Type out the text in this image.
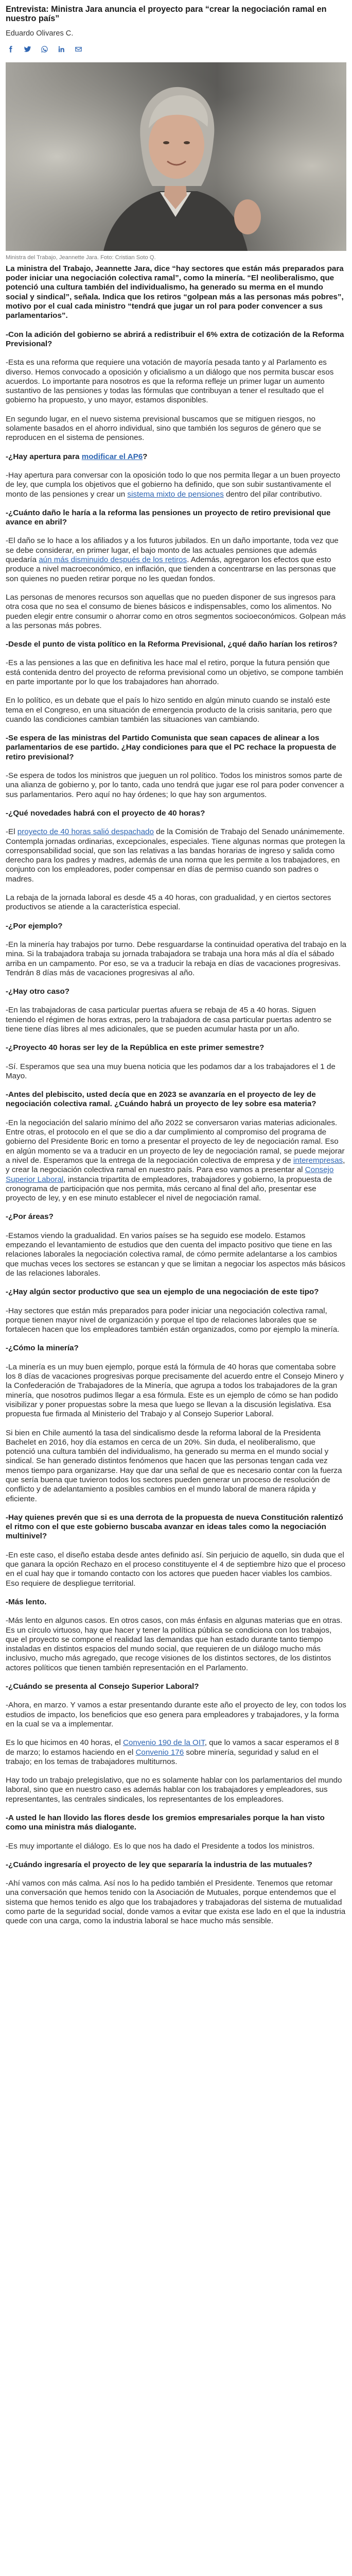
Entrevista: Ministra Jara anuncia el proyecto para “crear la negociación ramal en nuestro país”
Eduardo Olivares C.
Ministra del Trabajo, Jeannette Jara. Foto: Cristian Soto Q.

La ministra del Trabajo, Jeannette Jara, dice “hay sectores que están más preparados para poder iniciar una negociación colectiva ramal”, como la minería. “El neoliberalismo, que potenció una cultura también del individualismo, ha generado su merma en el mundo social y sindical”, señala. Indica que los retiros “golpean más a las personas más pobres”, motivo por el cual cada ministro “tendrá que jugar un rol para poder convencer a sus parlamentarios”.

-Con la adición del gobierno se abrirá a redistribuir el 6% extra de cotización de la Reforma Previsional?

-Esta es una reforma que requiere una votación de mayoría pesada tanto y al Parlamento es diverso. Hemos convocado a oposición y oficialismo a un diálogo que nos permita buscar esos acuerdos. Lo importante para nosotros es que la reforma refleje un primer lugar un aumento sustantivo de las pensiones y todas las fórmulas que contribuyan a tener el resultado que el gobierno ha propuesto, y uno mayor, estamos disponibles.

En segundo lugar, en el nuevo sistema previsional buscamos que se mitiguen riesgos, no solamente basados en el ahorro individual, sino que también los seguros de género que se reproducen en el sistema de pensiones.

-¿Hay apertura para modificar el AP6?

-Hay apertura para conversar con la oposición todo lo que nos permita llegar a un buen proyecto de ley, que cumpla los objetivos que el gobierno ha definido, que son subir sustantivamente el monto de las pensiones y crear un sistema mixto de pensiones dentro del pilar contributivo.

-¿Cuánto daño le haría a la reforma las pensiones un proyecto de retiro previsional que avance en abril?

-El daño se lo hace a los afiliados y a los futuros jubilados. En un daño importante, toda vez que se debe considerar, en primer lugar, el bajo monto de las actuales pensiones que además quedaría aún más disminuido después de los retiros. Además, agregaron los efectos que esto produce a nivel macroeconómico, en inflación, que tienden a concentrarse en las personas que son quienes no pueden retirar porque no les quedan fondos.

Las personas de menores recursos son aquellas que no pueden disponer de sus ingresos para otra cosa que no sea el consumo de bienes básicos e indispensables, como los alimentos. No pueden elegir entre consumir o ahorrar como en otros segmentos socioeconómicos. Golpean más a las personas más pobres.

-Desde el punto de vista político en la Reforma Previsional, ¿qué daño harían los retiros?

-Es a las pensiones a las que en definitiva les hace mal el retiro, porque la futura pensión que está contenida dentro del proyecto de reforma previsional como un objetivo, se compone también en parte importante por lo que los trabajadores han ahorrado.

En lo político, es un debate que el país lo hizo sentido en algún minuto cuando se instaló este tema en el Congreso, en una situación de emergencia producto de la crisis sanitaria, pero que cuando las condiciones cambian también las situaciones van cambiando.

-Se espera de las ministras del Partido Comunista que sean capaces de alinear a los parlamentarios de ese partido. ¿Hay condiciones para que el PC rechace la propuesta de retiro previsional?

-Se espera de todos los ministros que jueguen un rol político. Todos los ministros somos parte de una alianza de gobierno y, por lo tanto, cada uno tendrá que jugar ese rol para poder convencer a sus parlamentarios. Pero aquí no hay órdenes; lo que hay son argumentos.

-¿Qué novedades habrá con el proyecto de 40 horas?

-El proyecto de 40 horas salió despachado de la Comisión de Trabajo del Senado unánimemente. Contempla jornadas ordinarias, excepcionales, especiales. Tiene algunas normas que protegen la corresponsabilidad social, que son las relativas a las bandas horarias de ingreso y salida como derecho para los padres y madres, además de una norma que les permite a los trabajadores, en conjunto con los empleadores, poder compensar en días de permiso cuando son padres o madres.

La rebaja de la jornada laboral es desde 45 a 40 horas, con gradualidad, y en ciertos sectores productivos se atiende a la característica especial.

-¿Por ejemplo?

-En la minería hay trabajos por turno. Debe resguardarse la continuidad operativa del trabajo en la mina. Si la trabajadora trabaja su jornada trabajadora se trabaja una hora más al día el sábado arriba en un campamento. Por eso, se va a traducir la rebaja en días de vacaciones progresivas. Tendrán 8 días más de vacaciones progresivas al año.

-¿Hay otro caso?

-En las trabajadoras de casa particular puertas afuera se rebaja de 45 a 40 horas. Siguen teniendo el régimen de horas extras, pero la trabajadora de casa particular puertas adentro se tiene tiene días libres al mes adicionales, que se pueden acumular hasta por un año.

-¿Proyecto 40 horas ser ley de la República en este primer semestre?

-Sí. Esperamos que sea una muy buena noticia que les podamos dar a los trabajadores el 1 de Mayo.

-Antes del plebiscito, usted decía que en 2023 se avanzaría en el proyecto de ley de negociación colectiva ramal. ¿Cuándo habrá un proyecto de ley sobre esa materia?

-En la negociación del salario mínimo del año 2022 se conversaron varias materias adicionales. Entre otras, el protocolo en el que se dio a dar cumplimiento al compromiso del programa de gobierno del Presidente Boric en torno a presentar el proyecto de ley de negociación ramal. Eso en algún momento se va a traducir en un proyecto de ley de negociación ramal, se puede mejorar a nivel de. Esperamos que la entrega de la negociación colectiva de empresa y de interempresas, y crear la negociación colectiva ramal en nuestro país. Para eso vamos a presentar al Consejo Superior Laboral, instancia tripartita de empleadores, trabajadores y gobierno, la propuesta de cronograma de participación que nos permita, más cercano al final del año, presentar ese proyecto de ley, y en ese minuto establecer el nivel de negociación ramal.

-¿Por áreas?

-Estamos viendo la gradualidad. En varios países se ha seguido ese modelo. Estamos empezando el levantamiento de estudios que den cuenta del impacto positivo que tiene en las relaciones laborales la negociación colectiva ramal, de cómo permite adelantarse a los cambios que muchas veces los sectores se estancan y que se limitan a negociar los aspectos más básicos de las relaciones laborales.

-¿Hay algún sector productivo que sea un ejemplo de una negociación de este tipo?

-Hay sectores que están más preparados para poder iniciar una negociación colectiva ramal, porque tienen mayor nivel de organización y porque el tipo de relaciones laborales que se fortalecen hacen que los empleadores también están organizados, como por ejemplo la minería.

-¿Cómo la minería?

-La minería es un muy buen ejemplo, porque está la fórmula de 40 horas que comentaba sobre los 8 días de vacaciones progresivas porque precisamente del acuerdo entre el Consejo Minero y la Confederación de Trabajadores de la Minería, que agrupa a todos los trabajadores de la gran minería, que nosotros pudimos llegar a esa fórmula. Este es un ejemplo de cómo se han podido visibilizar y poner propuestas sobre la mesa que luego se llevan a la discusión legislativa. Esa propuesta fue firmada al Ministerio del Trabajo y al Consejo Superior Laboral.

Si bien en Chile aumentó la tasa del sindicalismo desde la reforma laboral de la Presidenta Bachelet en 2016, hoy día estamos en cerca de un 20%. Sin duda, el neoliberalismo, que potenció una cultura también del individualismo, ha generado su merma en el mundo social y sindical. Se han generado distintos fenómenos que hacen que las personas tengan cada vez menos tiempo para organizarse. Hay que dar una señal de que es necesario contar con la fuerza que sería buena que tuvieron todos los sectores pueden generar un proceso de resolución de conflicto y de adelantamiento a posibles cambios en el mundo laboral de manera rápida y eficiente.

-Hay quienes prevén que si es una derrota de la propuesta de nueva Constitución ralentizó el ritmo con el que este gobierno buscaba avanzar en ideas tales como la negociación multinivel?

-En este caso, el diseño estaba desde antes definido así. Sin perjuicio de aquello, sin duda que el que ganara la opción Rechazo en el proceso constituyente el 4 de septiembre hizo que el proceso en el cual hay que ir tomando contacto con los actores que pueden hacer viables los cambios. Eso requiere de despliegue territorial.

-Más lento.

-Más lento en algunos casos. En otros casos, con más énfasis en algunas materias que en otras. Es un círculo virtuoso, hay que hacer y tener la política pública se condiciona con los trabajos, que el proyecto se compone el realidad las demandas que han estado durante tanto tiempo instaladas en distintos espacios del mundo social, que requieren de un diálogo mucho más inclusivo, mucho más agregado, que recoge visiones de los distintos sectores, de los distintos actores políticos que tienen también representación en el Parlamento.

-¿Cuándo se presenta al Consejo Superior Laboral?

-Ahora, en marzo. Y vamos a estar presentando durante este año el proyecto de ley, con todos los estudios de impacto, los beneficios que eso genera para empleadores y trabajadores, y la forma en la cual se va a implementar.

Es lo que hicimos en 40 horas, el Convenio 190 de la OIT, que lo vamos a sacar esperamos el 8 de marzo; lo estamos haciendo en el Convenio 176 sobre minería, seguridad y salud en el trabajo; en los temas de trabajadores multiturnos.

Hay todo un trabajo prelegislativo, que no es solamente hablar con los parlamentarios del mundo laboral, sino que en nuestro caso es además hablar con los trabajadores y empleadores, sus representantes, las centrales sindicales, los representantes de los empleadores.

-A usted le han llovido las flores desde los gremios empresariales porque la han visto como una ministra más dialogante.

-Es muy importante el diálogo. Es lo que nos ha dado el Presidente a todos los ministros.

-¿Cuándo ingresaría el proyecto de ley que separaría la industria de las mutuales?

-Ahí vamos con más calma. Así nos lo ha pedido también el Presidente. Tenemos que retomar una conversación que hemos tenido con la Asociación de Mutuales, porque entendemos que el sistema que hemos tenido es algo que los trabajadores y trabajadoras del sistema de mutualidad como parte de la seguridad social, donde vamos a evitar que exista ese lado en el que la industria quede con una carga, como la industria laboral se hace mucho más sensible.
